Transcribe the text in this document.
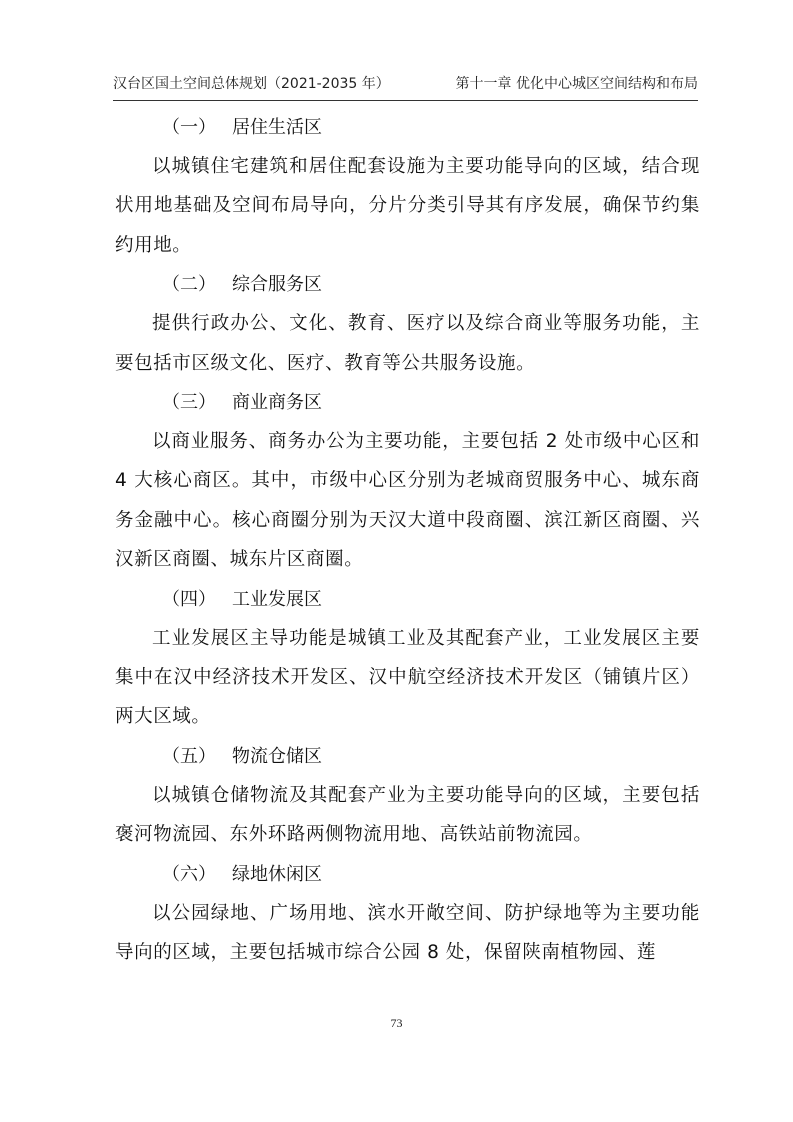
汉台区国土空间总体规划（2021-2035 年）	第十一章 优化中心城区空间结构和布局
（一） 居住生活区

以城镇住宅建筑和居住配套设施为主要功能导向的区域，结合现状用地基础及空间布局导向，分片分类引导其有序发展，确保节约集约用地。

（二） 综合服务区

提供行政办公、文化、教育、医疗以及综合商业等服务功能，主要包括市区级文化、医疗、教育等公共服务设施。

（三） 商业商务区

以商业服务、商务办公为主要功能，主要包括 2 处市级中心区和 4 大核心商区。其中，市级中心区分别为老城商贸服务中心、城东商务金融中心。核心商圈分别为天汉大道中段商圈、滨江新区商圈、兴汉新区商圈、城东片区商圈。

（四） 工业发展区

工业发展区主导功能是城镇工业及其配套产业，工业发展区主要集中在汉中经济技术开发区、汉中航空经济技术开发区（铺镇片区）两大区域。

（五） 物流仓储区

以城镇仓储物流及其配套产业为主要功能导向的区域，主要包括褒河物流园、东外环路两侧物流用地、高铁站前物流园。

（六） 绿地休闲区

以公园绿地、广场用地、滨水开敞空间、防护绿地等为主要功能导向的区域，主要包括城市综合公园 8 处，保留陕南植物园、莲

73
